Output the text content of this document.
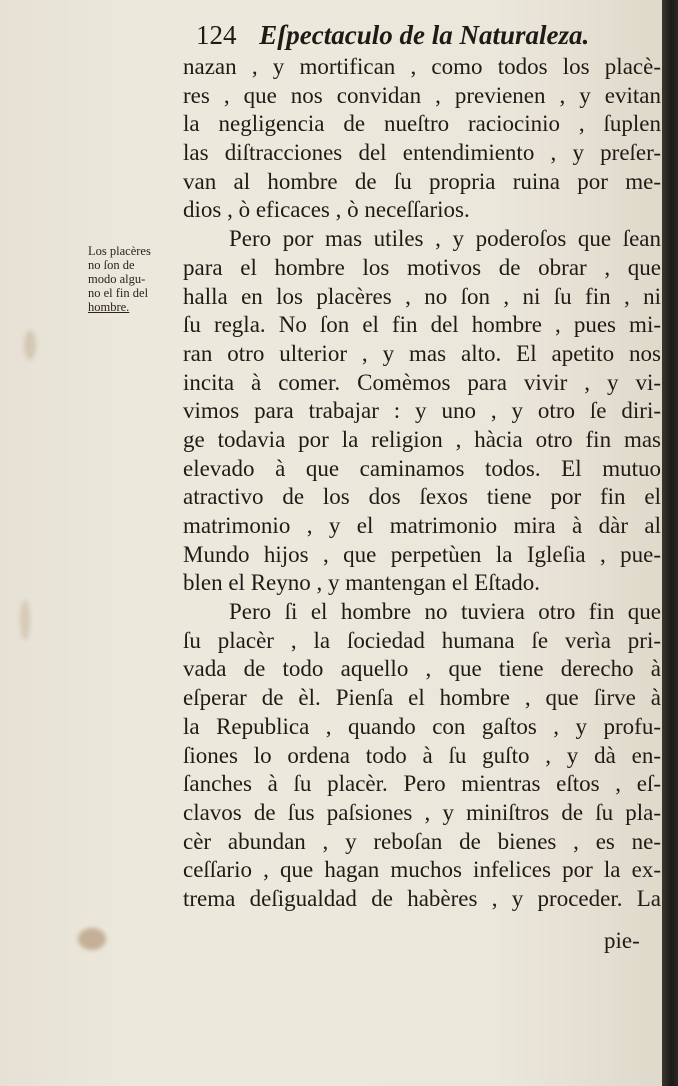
124 Eſpectaculo de la Naturaleza.
Los placères
no ſon de
modo algu-
no el fin del
hombre.
nazan , y mortifican , como todos los placè-
res , que nos convidan , previenen , y evitan
la negligencia de nueſtro raciocinio , ſuplen
las diſtracciones del entendimiento , y preſer-
van al hombre de ſu propria ruina por me-
dios , ò eficaces , ò neceſſarios.
Pero por mas utiles , y poderoſos que ſean
para el hombre los motivos de obrar , que
halla en los placères , no ſon , ni ſu fin , ni
ſu regla. No ſon el fin del hombre , pues mi-
ran otro ulterior , y mas alto. El apetito nos
incita à comer. Comèmos para vivir , y vi-
vimos para trabajar : y uno , y otro ſe diri-
ge todavia por la religion , hàcia otro fin mas
elevado à que caminamos todos. El mutuo
atractivo de los dos ſexos tiene por fin el
matrimonio , y el matrimonio mira à dàr al
Mundo hijos , que perpetùen la Igleſia , pue-
blen el Reyno , y mantengan el Eſtado.
Pero ſi el hombre no tuviera otro fin que
ſu placèr , la ſociedad humana ſe verìa pri-
vada de todo aquello , que tiene derecho à
eſperar de èl. Pienſa el hombre , que ſirve à
la Republica , quando con gaſtos , y profu-
ſiones lo ordena todo à ſu guſto , y dà en-
ſanches à ſu placèr. Pero mientras eſtos , eſ-
clavos de ſus paſsiones , y miniſtros de ſu pla-
cèr abundan , y reboſan de bienes , es ne-
ceſſario , que hagan muchos infelices por la ex-
trema deſigualdad de habères , y proceder. La
pie-
